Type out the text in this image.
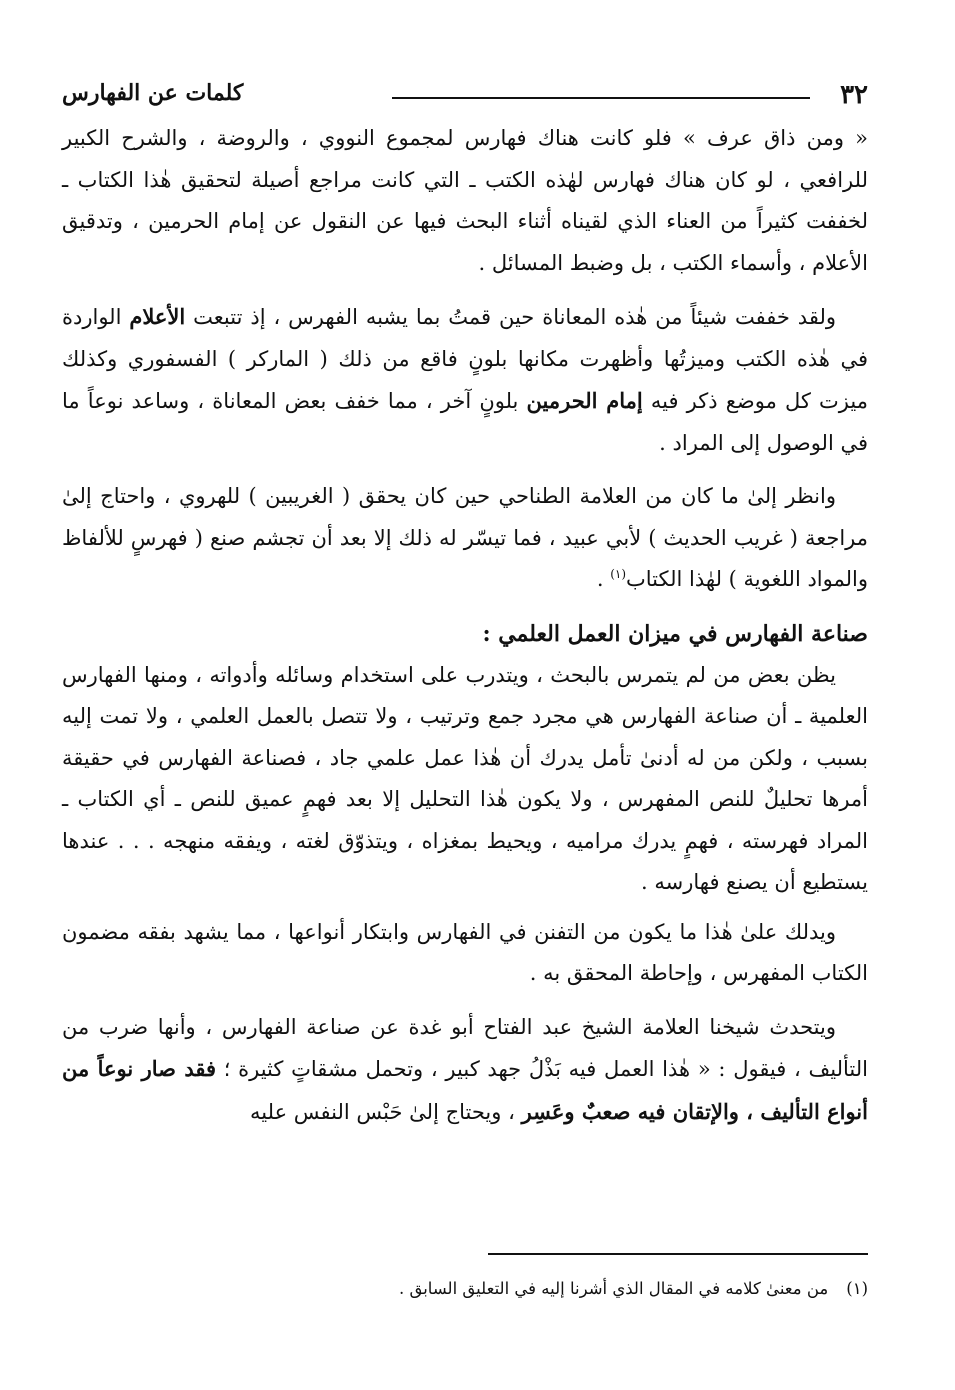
٣٢
كلمات عن الفهارس

« ومن ذاق عرف » فلو كانت هناك فهارس لمجموع النووي ، والروضة ، والشرح الكبير للرافعي ، لو كان هناك فهارس لهٰذه الكتب ـ التي كانت مراجع أصيلة لتحقيق هٰذا الكتاب ـ لخففت كثيراً من العناء الذي لقيناه أثناء البحث فيها عن النقول عن إمام الحرمين ، وتدقيق الأعلام ، وأسماء الكتب ، بل وضبط المسائل .

ولقد خففت شيئاً من هٰذه المعاناة حين قمتُ بما يشبه الفهرس ، إذ تتبعت الأعلام الواردة في هٰذه الكتب وميزتُها وأظهرت مكانها بلونٍ فاقع من ذلك ( الماركر ) الفسفوري وكذلك ميزت كل موضع ذكر فيه إمام الحرمين بلونٍ آخر ، مما خفف بعض المعاناة ، وساعد نوعاً ما في الوصول إلى المراد .

وانظر إلىٰ ما كان من العلامة الطناحي حين كان يحقق ( الغريبين ) للهروي ، واحتاج إلىٰ مراجعة ( غريب الحديث ) لأبي عبيد ، فما تيسّر له ذلك إلا بعد أن تجشم صنع ( فهرسٍ للألفاظ والمواد اللغوية ) لهٰذا الكتاب$^{(١)}$ .

صناعة الفهارس في ميزان العمل العلمي :

يظن بعض من لم يتمرس بالبحث ، ويتدرب على استخدام وسائله وأدواته ، ومنها الفهارس العلمية ـ أن صناعة الفهارس هي مجرد جمع وترتيب ، ولا تتصل بالعمل العلمي ، ولا تمت إليه بسبب ، ولكن من له أدنىٰ تأمل يدرك أن هٰذا عمل علمي جاد ، فصناعة الفهارس في حقيقة أمرها تحليلٌ للنص المفهرس ، ولا يكون هٰذا التحليل إلا بعد فهمٍ عميق للنص ـ أي الكتاب ـ المراد فهرسته ، فهمٍ يدرك مراميه ، ويحيط بمغزاه ، ويتذوّق لغته ، ويفقه منهجه . . . عندها يستطيع أن يصنع فهارسه .

ويدلك علىٰ هٰذا ما يكون من التفنن في الفهارس وابتكار أنواعها ، مما يشهد بفقه مضمون الكتاب المفهرس ، وإحاطة المحقق به .

ويتحدث شيخنا العلامة الشيخ عبد الفتاح أبو غدة عن صناعة الفهارس ، وأنها ضرب من التأليف ، فيقول : « هٰذا العمل فيه بَذْلُ جهد كبير ، وتحمل مشقاتٍ كثيرة ؛ فقد صار نوعاً من أنواع التأليف ، والإتقان فيه صعبٌ وعَسِر ، ويحتاج إلىٰ حَبْس النفس عليه

(١)من معنىٰ كلامه في المقال الذي أشرنا إليه في التعليق السابق .
